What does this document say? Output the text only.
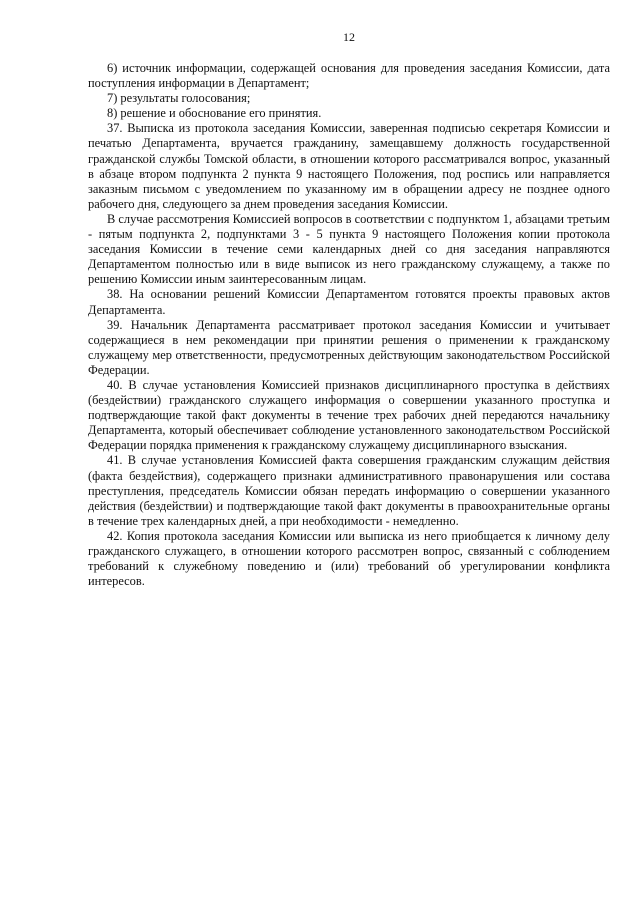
12

6) источник информации, содержащей основания для проведения заседания Комиссии, дата поступления информации в Департамент;

7) результаты голосования;

8) решение и обоснование его принятия.

37. Выписка из протокола заседания Комиссии, заверенная подписью секретаря Комиссии и печатью Департамента, вручается гражданину, замещавшему должность государственной гражданской службы Томской области, в отношении которого рассматривался вопрос, указанный в абзаце втором подпункта 2 пункта 9 настоящего Положения, под роспись или направляется заказным письмом с уведомлением по указанному им в обращении адресу не позднее одного рабочего дня, следующего за днем проведения заседания Комиссии.

В случае рассмотрения Комиссией вопросов в соответствии с подпунктом 1, абзацами третьим - пятым подпункта 2, подпунктами 3 - 5 пункта 9 настоящего Положения копии протокола заседания Комиссии в течение семи календарных дней со дня заседания направляются Департаментом полностью или в виде выписок из него гражданскому служащему, а также по решению Комиссии иным заинтересованным лицам.

38. На основании решений Комиссии Департаментом готовятся проекты правовых актов Департамента.

39. Начальник Департамента рассматривает протокол заседания Комиссии и учитывает содержащиеся в нем рекомендации при принятии решения о применении к гражданскому служащему мер ответственности, предусмотренных действующим законодательством Российской Федерации.

40. В случае установления Комиссией признаков дисциплинарного проступка в действиях (бездействии) гражданского служащего информация о совершении указанного проступка и подтверждающие такой факт документы в течение трех рабочих дней передаются начальнику Департамента, который обеспечивает соблюдение установленного законодательством Российской Федерации порядка применения к гражданскому служащему дисциплинарного взыскания.

41. В случае установления Комиссией факта совершения гражданским служащим действия (факта бездействия), содержащего признаки административного правонарушения или состава преступления, председатель Комиссии обязан передать информацию о совершении указанного действия (бездействии) и подтверждающие такой факт документы в правоохранительные органы в течение трех календарных дней, а при необходимости - немедленно.

42. Копия протокола заседания Комиссии или выписка из него приобщается к личному делу гражданского служащего, в отношении которого рассмотрен вопрос, связанный с соблюдением требований к служебному поведению и (или) требований об урегулировании конфликта интересов.
